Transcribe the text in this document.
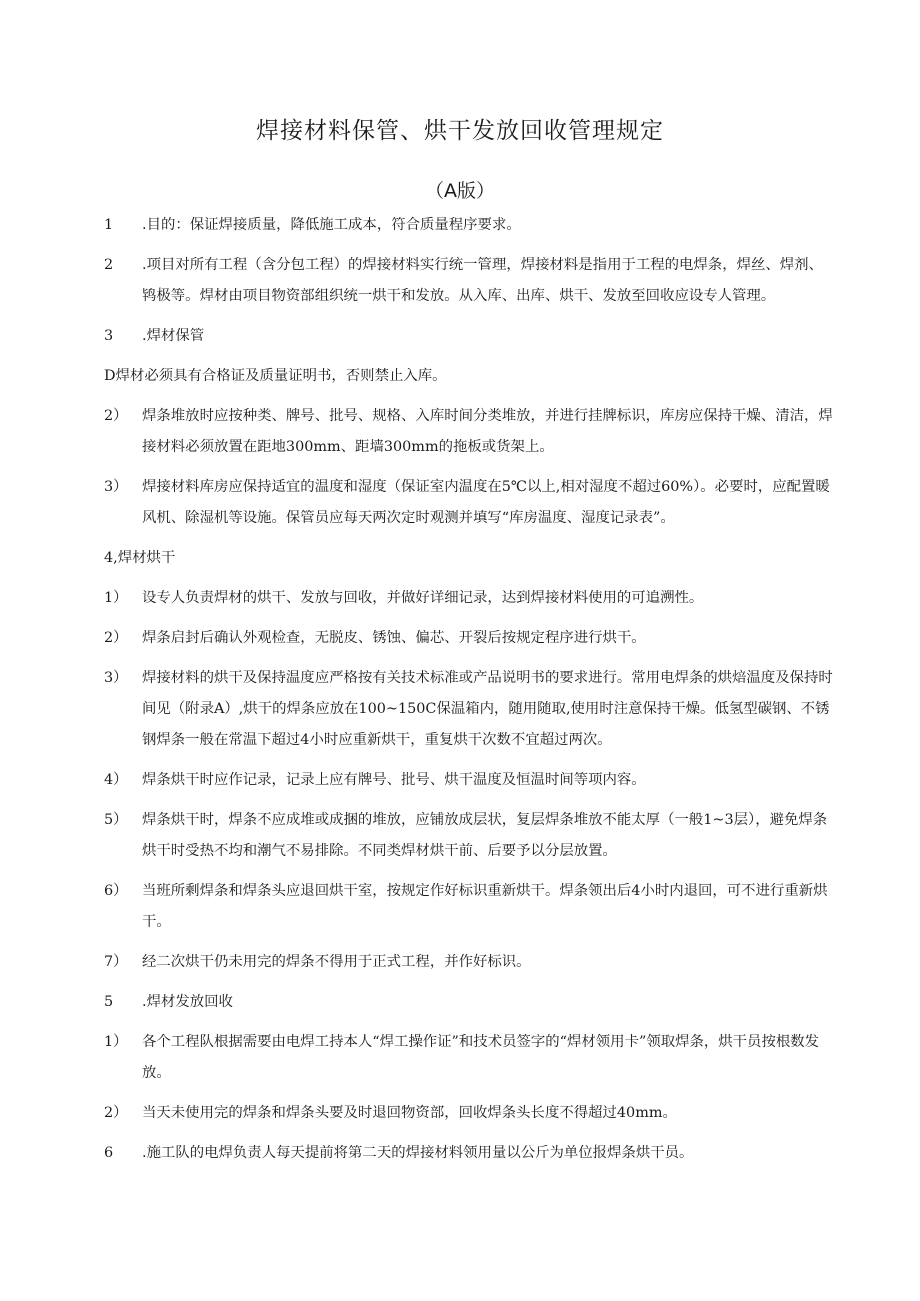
焊接材料保管、烘干发放回收管理规定
（A版）
1	.目的：保证焊接质量，降低施工成本，符合质量程序要求。
2	.项目对所有工程（含分包工程）的焊接材料实行统一管理，焊接材料是指用于工程的电焊条，焊丝、焊剂、鸨极等。焊材由项目物资部组织统一烘干和发放。从入库、出库、烘干、发放至回收应设专人管理。
3	.焊材保管
D焊材必须具有合格证及质量证明书，否则禁止入库。
2）	焊条堆放时应按种类、牌号、批号、规格、入库时间分类堆放，并进行挂牌标识，库房应保持干燥、清洁，焊接材料必须放置在距地300mm、距墙300mm的拖板或货架上。
3）	焊接材料库房应保持适宜的温度和湿度（保证室内温度在5℃以上,相对湿度不超过60%）。必要时，应配置暖风机、除湿机等设施。保管员应每天两次定时观测并填写“库房温度、湿度记录表”。
4,焊材烘干
1）	设专人负责焊材的烘干、发放与回收，并做好详细记录，达到焊接材料使用的可追溯性。
2）	焊条启封后确认外观检查，无脱皮、锈蚀、偏芯、开裂后按规定程序进行烘干。
3）	焊接材料的烘干及保持温度应严格按有关技术标准或产品说明书的要求进行。常用电焊条的烘焙温度及保持时间见（附录A）,烘干的焊条应放在100~150C保温箱内，随用随取,使用时注意保持干燥。低氢型碳钢、不锈钢焊条一般在常温下超过4小时应重新烘干，重复烘干次数不宜超过两次。
4）	焊条烘干时应作记录，记录上应有牌号、批号、烘干温度及恒温时间等项内容。
5）	焊条烘干时，焊条不应成堆或成捆的堆放，应铺放成层状，复层焊条堆放不能太厚（一般1~3层），避免焊条烘干时受热不均和潮气不易排除。不同类焊材烘干前、后要予以分层放置。
6）	当班所剩焊条和焊条头应退回烘干室，按规定作好标识重新烘干。焊条领出后4小时内退回，可不进行重新烘干。
7）	经二次烘干仍未用完的焊条不得用于正式工程，并作好标识。
5	.焊材发放回收
1）	各个工程队根据需要由电焊工持本人“焊工操作证”和技术员签字的“焊材领用卡”领取焊条，烘干员按根数发放。
2）	当天未使用完的焊条和焊条头要及时退回物资部，回收焊条头长度不得超过40mm。
6	.施工队的电焊负责人每天提前将第二天的焊接材料领用量以公斤为单位报焊条烘干员。
